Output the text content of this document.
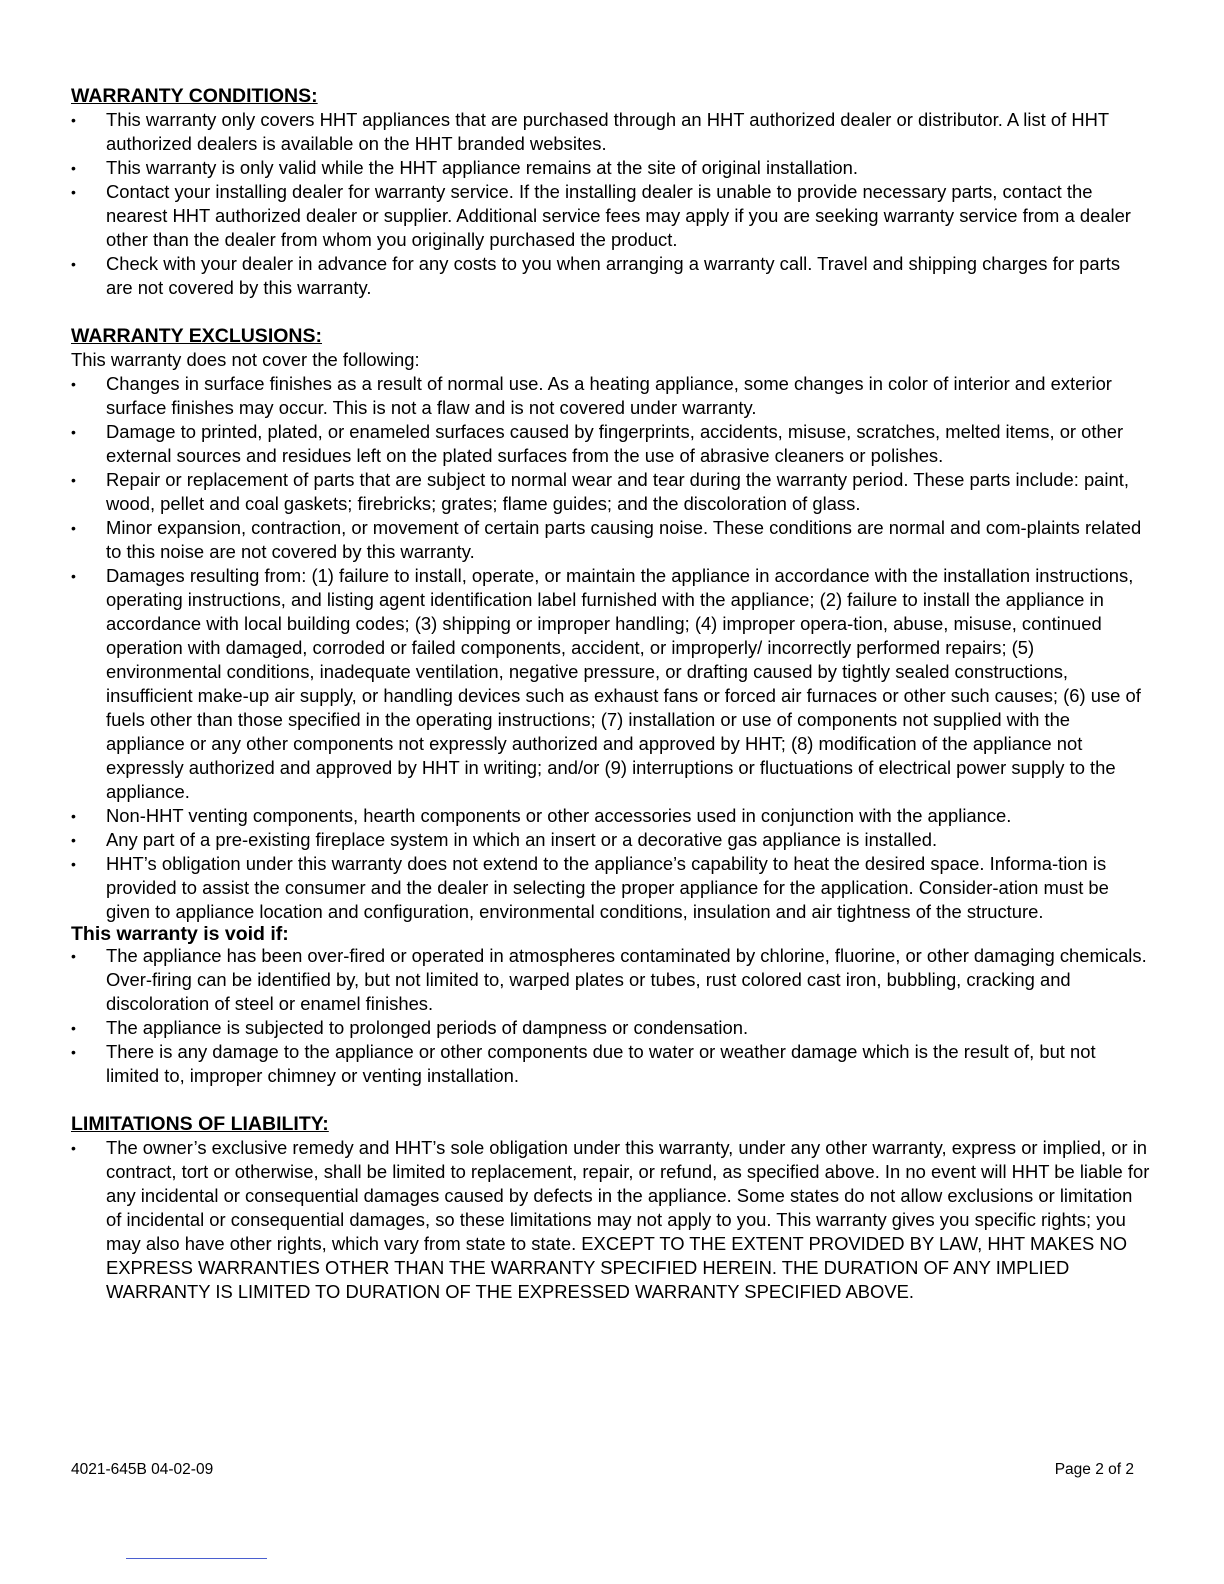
WARRANTY CONDITIONS:

• This warranty only covers HHT appliances that are purchased through an HHT authorized dealer or distributor. A list of HHT authorized dealers is available on the HHT branded websites.
• This warranty is only valid while the HHT appliance remains at the site of original installation.
• Contact your installing dealer for warranty service. If the installing dealer is unable to provide necessary parts, contact the nearest HHT authorized dealer or supplier. Additional service fees may apply if you are seeking warranty service from a dealer other than the dealer from whom you originally purchased the product.
• Check with your dealer in advance for any costs to you when arranging a warranty call. Travel and shipping charges for parts are not covered by this warranty.

WARRANTY EXCLUSIONS:

This warranty does not cover the following:

• Changes in surface finishes as a result of normal use. As a heating appliance, some changes in color of interior and exterior surface finishes may occur. This is not a flaw and is not covered under warranty.
• Damage to printed, plated, or enameled surfaces caused by fingerprints, accidents, misuse, scratches, melted items, or other external sources and residues left on the plated surfaces from the use of abrasive cleaners or polishes.
• Repair or replacement of parts that are subject to normal wear and tear during the warranty period. These parts include: paint, wood, pellet and coal gaskets; firebricks; grates; flame guides; and the discoloration of glass.
• Minor expansion, contraction, or movement of certain parts causing noise. These conditions are normal and com-plaints related to this noise are not covered by this warranty.
• Damages resulting from: (1) failure to install, operate, or maintain the appliance in accordance with the installation instructions, operating instructions, and listing agent identification label furnished with the appliance; (2) failure to install the appliance in accordance with local building codes; (3) shipping or improper handling; (4) improper opera-tion, abuse, misuse, continued operation with damaged, corroded or failed components, accident, or improperly/ incorrectly performed repairs; (5) environmental conditions, inadequate ventilation, negative pressure, or drafting caused by tightly sealed constructions, insufficient make-up air supply, or handling devices such as exhaust fans or forced air furnaces or other such causes; (6) use of fuels other than those specified in the operating instructions; (7) installation or use of components not supplied with the appliance or any other components not expressly authorized and approved by HHT; (8) modification of the appliance not expressly authorized and approved by HHT in writing; and/or (9) interruptions or fluctuations of electrical power supply to the appliance.
• Non-HHT venting components, hearth components or other accessories used in conjunction with the appliance.
• Any part of a pre-existing fireplace system in which an insert or a decorative gas appliance is installed.
• HHT’s obligation under this warranty does not extend to the appliance’s capability to heat the desired space. Informa-tion is provided to assist the consumer and the dealer in selecting the proper appliance for the application. Consider-ation must be given to appliance location and configuration, environmental conditions, insulation and air tightness of the structure.

This warranty is void if:

• The appliance has been over-fired or operated in atmospheres contaminated by chlorine, fluorine, or other damaging chemicals. Over-firing can be identified by, but not limited to, warped plates or tubes, rust colored cast iron, bubbling, cracking and discoloration of steel or enamel finishes.
• The appliance is subjected to prolonged periods of dampness or condensation.
• There is any damage to the appliance or other components due to water or weather damage which is the result of, but not limited to, improper chimney or venting installation.

LIMITATIONS OF LIABILITY:

• The owner’s exclusive remedy and HHT’s sole obligation under this warranty, under any other warranty, express or implied, or in contract, tort or otherwise, shall be limited to replacement, repair, or refund, as specified above. In no event will HHT be liable for any incidental or consequential damages caused by defects in the appliance. Some states do not allow exclusions or limitation of incidental or consequential damages, so these limitations may not apply to you. This warranty gives you specific rights; you may also have other rights, which vary from state to state. EXCEPT TO THE EXTENT PROVIDED BY LAW, HHT MAKES NO EXPRESS WARRANTIES OTHER THAN THE WARRANTY SPECIFIED HEREIN. THE DURATION OF ANY IMPLIED WARRANTY IS LIMITED TO DURATION OF THE EXPRESSED WARRANTY SPECIFIED ABOVE.
4021-645B 04-02-09	Page 2 of 2
